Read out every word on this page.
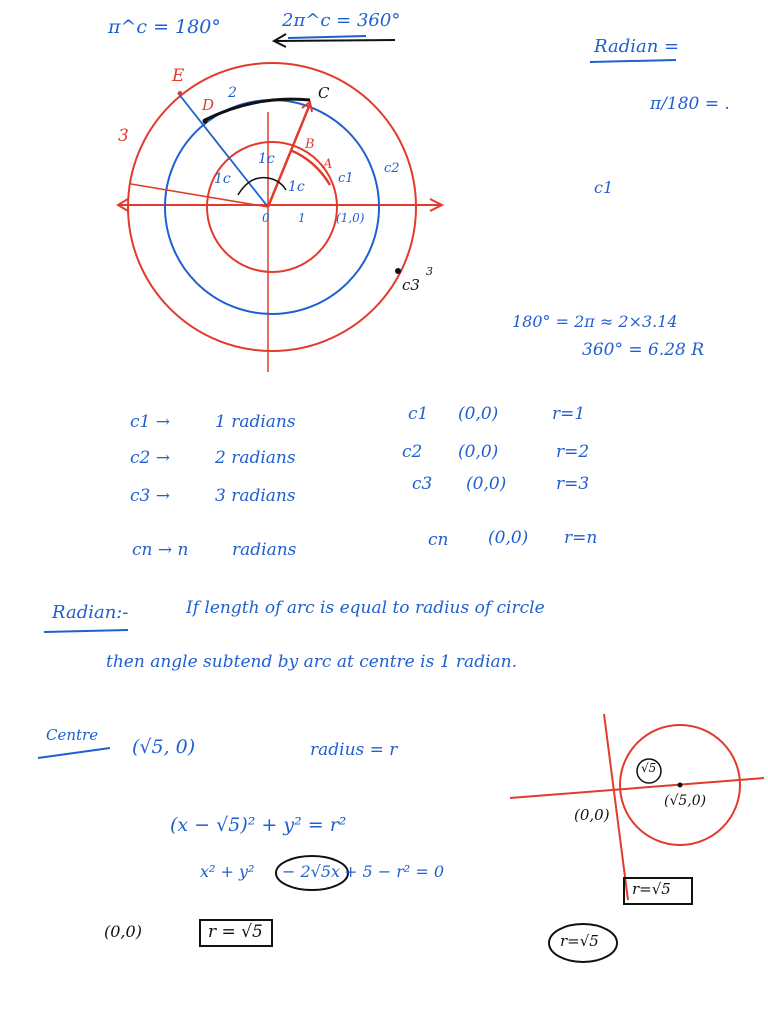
π^c = 180°	2π^c = 360°
Radian =
π/180 = .
E
D
C
2
3	B
A
1c
1c	1c
c1
c2
0 1	(1,0)
c3
3
c1
180° = 2π ≈ 2×3.14
360° = 6.28 R
c1 →	1 radians	c1 (0,0)	r=1
c2 →	2 radians	c2 (0,0)	r=2
c3 →	3 radians
c3 (0,0)	r=3
cn → n	radians	cn (0,0) r=n
Radian:-	If length of arc is equal to radius of circle
then angle subtend by arc at centre is 1 radian.
Centre
(√5, 0)	radius = r
(x − √5)² + y² = r²
x² + y² − 2√5x + 5 − r² = 0
(0,0)	r = √5
√5
(0,0)
(√5,0)
r=√5
r=√5
